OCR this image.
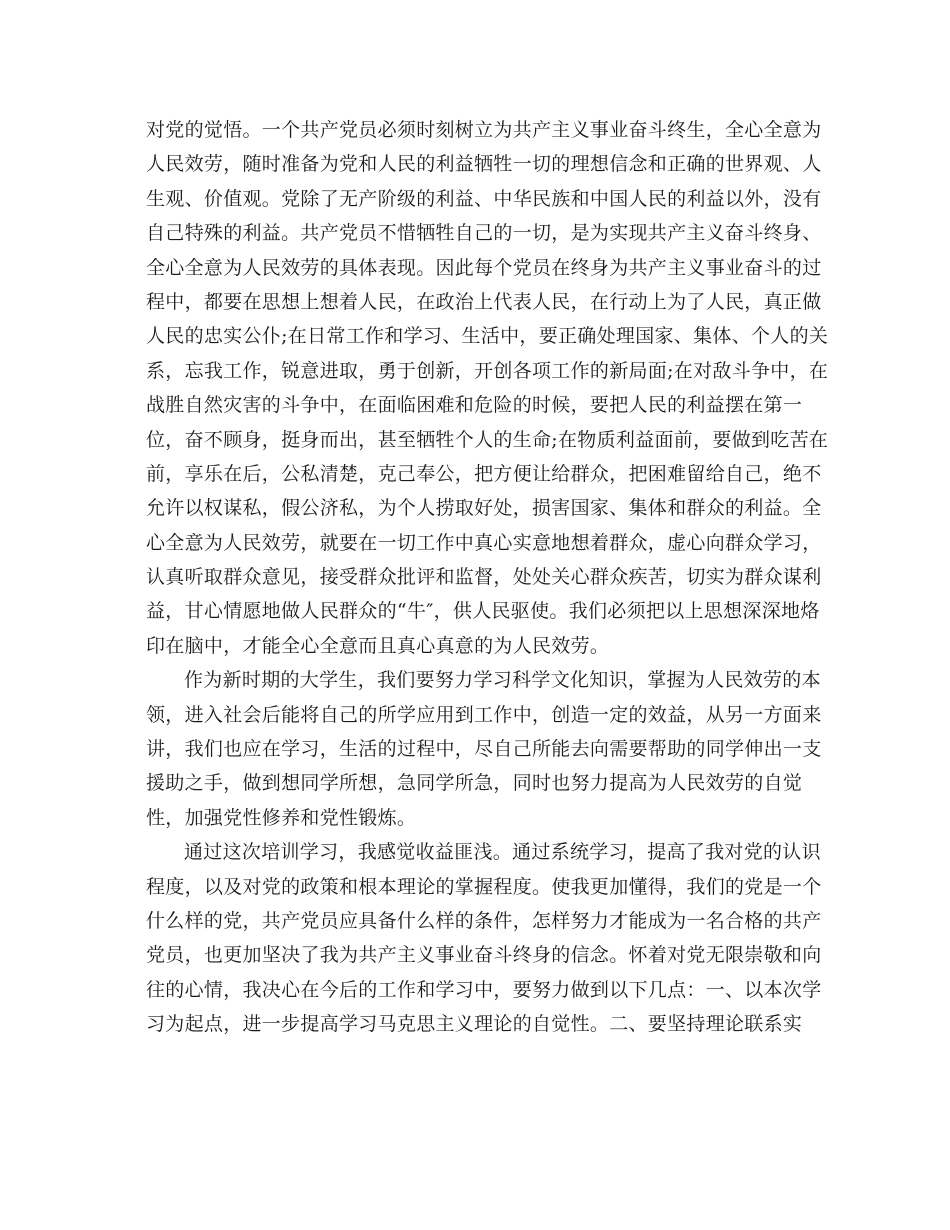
对党的觉悟。一个共产党员必须时刻树立为共产主义事业奋斗终生，全心全意为
人民效劳，随时准备为党和人民的利益牺牲一切的理想信念和正确的世界观、人
生观、价值观。党除了无产阶级的利益、中华民族和中国人民的利益以外，没有
自己特殊的利益。共产党员不惜牺牲自己的一切，是为实现共产主义奋斗终身、
全心全意为人民效劳的具体表现。因此每个党员在终身为共产主义事业奋斗的过
程中，都要在思想上想着人民，在政治上代表人民，在行动上为了人民，真正做
人民的忠实公仆;在日常工作和学习、生活中，要正确处理国家、集体、个人的关
系，忘我工作，锐意进取，勇于创新，开创各项工作的新局面;在对敌斗争中，在
战胜自然灾害的斗争中，在面临困难和危险的时候，要把人民的利益摆在第一
位，奋不顾身，挺身而出，甚至牺牲个人的生命;在物质利益面前，要做到吃苦在
前，享乐在后，公私清楚，克己奉公，把方便让给群众，把困难留给自己，绝不
允许以权谋私，假公济私，为个人捞取好处，损害国家、集体和群众的利益。全
心全意为人民效劳，就要在一切工作中真心实意地想着群众，虚心向群众学习，
认真听取群众意见，接受群众批评和监督，处处关心群众疾苦，切实为群众谋利
益，甘心情愿地做人民群众的“牛″，供人民驱使。我们必须把以上思想深深地烙
印在脑中，才能全心全意而且真心真意的为人民效劳。
作为新时期的大学生，我们要努力学习科学文化知识，掌握为人民效劳的本
领，进入社会后能将自己的所学应用到工作中，创造一定的效益，从另一方面来
讲，我们也应在学习，生活的过程中，尽自己所能去向需要帮助的同学伸出一支
援助之手，做到想同学所想，急同学所急，同时也努力提高为人民效劳的自觉
性，加强党性修养和党性锻炼。
通过这次培训学习，我感觉收益匪浅。通过系统学习，提高了我对党的认识
程度，以及对党的政策和根本理论的掌握程度。使我更加懂得，我们的党是一个
什么样的党，共产党员应具备什么样的条件，怎样努力才能成为一名合格的共产
党员，也更加坚决了我为共产主义事业奋斗终身的信念。怀着对党无限崇敬和向
往的心情，我决心在今后的工作和学习中，要努力做到以下几点：一、以本次学
习为起点，进一步提高学习马克思主义理论的自觉性。二、要坚持理论联系实
